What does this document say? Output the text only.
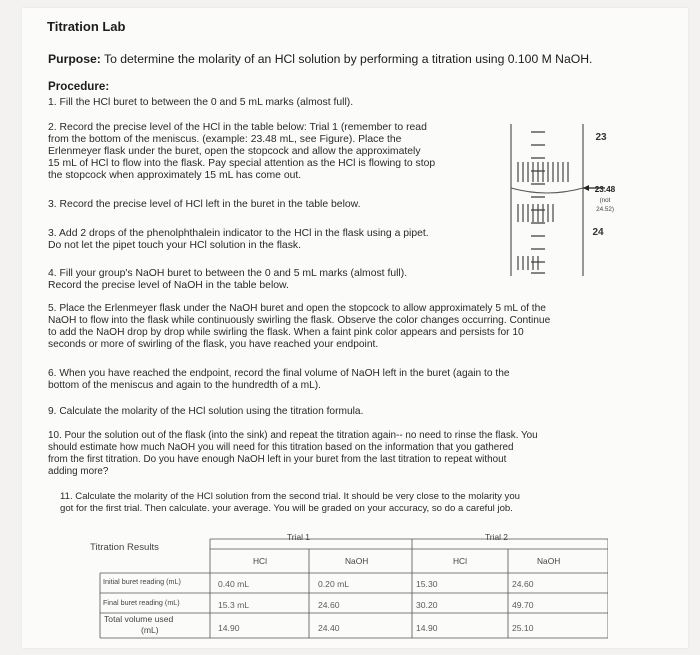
Titration Lab
Purpose: To determine the molarity of an HCl solution by performing a titration using 0.100 M NaOH.
Procedure:
1. Fill the HCl buret to between the 0 and 5 mL marks (almost full).
2. Record the precise level of the HCl in the table below: Trial 1 (remember to read
from the bottom of the meniscus. (example: 23.48 mL, see Figure). Place the
Erlenmeyer flask under the buret, open the stopcock and allow the approximately
15 mL of HCl to flow into the flask. Pay special attention as the HCl is flowing to stop
the stopcock when approximately 15 mL has come out.
3. Record the precise level of HCl left in the buret in the table below.
3. Add 2 drops of the phenolphthalein indicator to the HCl in the flask using a pipet.
Do not let the pipet touch your HCl solution in the flask.
4. Fill your group's NaOH buret to between the 0 and 5 mL marks (almost full).
Record the precise level of NaOH in the table below.
5. Place the Erlenmeyer flask under the NaOH buret and open the stopcock to allow approximately 5 mL of the
NaOH to flow into the flask while continuously swirling the flask. Observe the color changes occurring. Continue
to add the NaOH drop by drop while swirling the flask. When a faint pink color appears and persists for 10
seconds or more of swirling of the flask, you have reached your endpoint.
6. When you have reached the endpoint, record the final volume of NaOH left in the buret (again to the
bottom of the meniscus and again to the hundredth of a mL).
9. Calculate the molarity of the HCl solution using the titration formula.
10. Pour the solution out of the flask (into the sink) and repeat the titration again-- no need to rinse the flask. You
should estimate how much NaOH you will need for this titration based on the information that you gathered
from the first titration. Do you have enough NaOH left in your buret from the last titration to repeat without
adding more?
11. Calculate the molarity of the HCl solution from the second trial. It should be very close to the molarity you
got for the first trial. Then calculate. your average. You will be graded on your accuracy, so do a careful job.
23
23.48
(not
24.52)
24
Titration Results
Trial 1	Trial 2
HCl	NaOH	HCl	NaOH
Initial buret reading (mL)	0.40 mL	0.20 mL	15.30	24.60
Final buret reading (mL)	15.3 mL	24.60	30.20	49.70
Total volume used
(mL)	14.90	24.40	14.90	25.10
